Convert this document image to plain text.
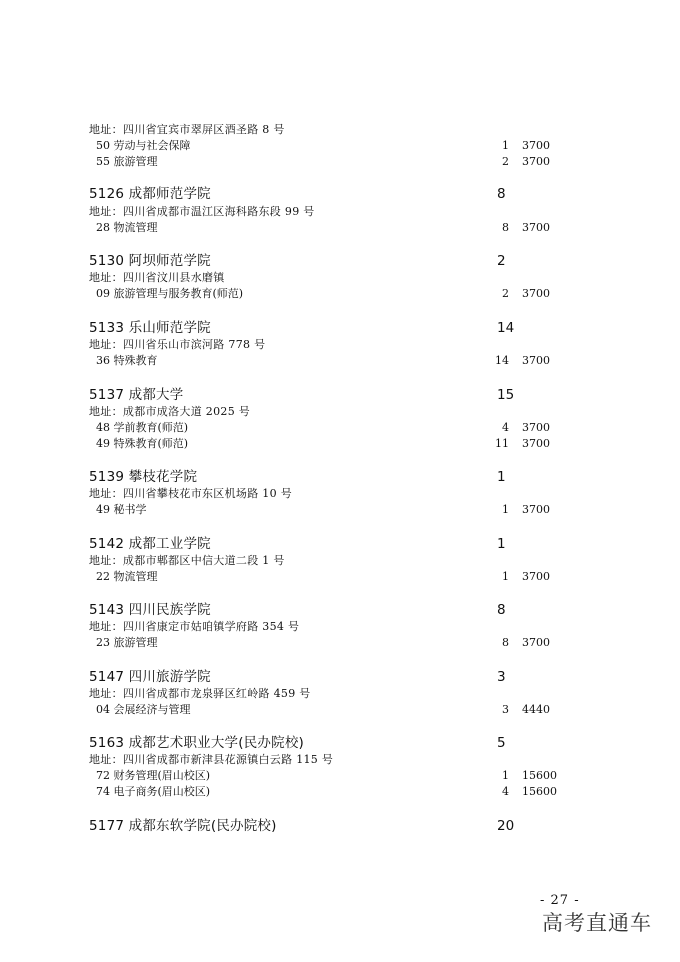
地址：四川省宜宾市翠屏区酒圣路 8 号
50 劳动与社会保障	1 3700
55 旅游管理	2 3700
5126 成都师范学院	8
地址：四川省成都市温江区海科路东段 99 号
28 物流管理	8 3700
5130 阿坝师范学院	2
地址：四川省汶川县水磨镇
09 旅游管理与服务教育(师范)	2 3700
5133 乐山师范学院	14
地址：四川省乐山市滨河路 778 号
36 特殊教育	14 3700
5137 成都大学	15
地址：成都市成洛大道 2025 号
48 学前教育(师范)	4 3700
49 特殊教育(师范)	11 3700
5139 攀枝花学院	1
地址：四川省攀枝花市东区机场路 10 号
49 秘书学	1 3700
5142 成都工业学院	1
地址：成都市郫都区中信大道二段 1 号
22 物流管理	1 3700
5143 四川民族学院	8
地址：四川省康定市姑咱镇学府路 354 号
23 旅游管理	8 3700
5147 四川旅游学院	3
地址：四川省成都市龙泉驿区红岭路 459 号
04 会展经济与管理	3 4440
5163 成都艺术职业大学(民办院校)	5
地址：四川省成都市新津县花源镇白云路 115 号
72 财务管理(眉山校区)	1 15600
74 电子商务(眉山校区)	4 15600
5177 成都东软学院(民办院校)	20
- 27 -
高考直通车
